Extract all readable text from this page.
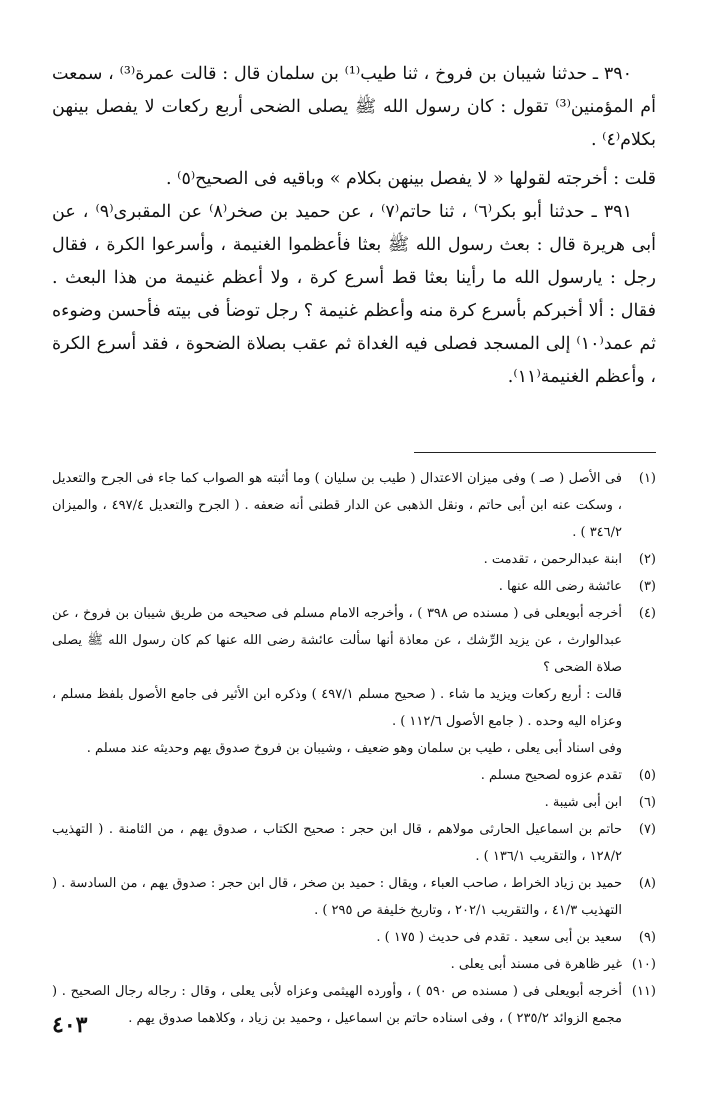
٣٩٠ ـ حدثنا شيبان بن فروخ ، ثنا طيب⁽¹⁾ بن سلمان قال : قالت عمرة⁽³⁾ ، سمعت أم المؤمنين⁽³⁾ تقول : كان رسول الله ﷺ يصلى الضحى أربع ركعات لا يفصل بينهن بكلام⁽٤⁾ .

قلت : أخرجته لقولها « لا يفصل بينهن بكلام » وباقيه فى الصحيح⁽٥⁾ .

٣٩١ ـ حدثنا أبو بكر⁽٦⁾ ، ثنا حاتم⁽٧⁾ ، عن حميد بن صخر⁽٨⁾ عن المقبرى⁽٩⁾ ، عن أبى هريرة قال : بعث رسول الله ﷺ بعثا فأعظموا الغنيمة ، وأسرعوا الكرة ، فقال رجل : يارسول الله ما رأينا بعثا قط أسرع كرة ، ولا أعظم غنيمة من هذا البعث . فقال : ألا أخبركم بأسرع كرة منه وأعظم غنيمة ؟ رجل توضأ فى بيته فأحسن وضوءه ثم عمد⁽١٠⁾ إلى المسجد فصلى فيه الغداة ثم عقب بصلاة الضحوة ، فقد أسرع الكرة ، وأعظم الغنيمة⁽١١⁾.

(١)
فى الأصل ( صـ ) وفى ميزان الاعتدال ( طيب بن سليان ) وما أثبته هو الصواب كما جاء فى الجرح والتعديل ، وسكت عنه ابن أبى حاتم ، ونقل الذهبى عن الدار قطنى أنه ضعفه . ( الجرح والتعديل ٤٩٧/٤ ، والميزان ٣٤٦/٢ ) .
(٢)
ابنة عبدالرحمن ، تقدمت .
(٣)
عائشة رضى الله عنها .
(٤)
أخرجه أبويعلى فى ( مسنده ص ٣٩٨ ) ، وأخرجه الامام مسلم فى صحيحه من طريق شيبان بن فروخ ، عن عبدالوارث ، عن يزيد الرِّشك ، عن معاذة أنها سألت عائشة رضى الله عنها كم كان رسول الله ﷺ يصلى صلاة الضحى ؟
قالت : أربع ركعات ويزيد ما شاء . ( صحيح مسلم ٤٩٧/١ ) وذكره ابن الأثير فى جامع الأصول بلفظ مسلم ، وعزاه اليه وحده . ( جامع الأصول ١١٢/٦ ) .
وفى اسناد أبى يعلى ، طيب بن سلمان وهو ضعيف ، وشيبان بن فروخ صدوق يهم وحديثه عند مسلم .
(٥)
تقدم عزوه لصحيح مسلم .
(٦)
ابن أبى شيبة .
(٧)
حاتم بن اسماعيل الحارثى مولاهم ، قال ابن حجر : صحيح الكتاب ، صدوق يهم ، من الثامنة . ( التهذيب ١٢٨/٢ ، والتقريب ١٣٦/١ ) .
(٨)
حميد بن زياد الخراط ، صاحب العباء ، ويقال : حميد بن صخر ، قال ابن حجر : صدوق يهم ، من السادسة . ( التهذيب ٤١/٣ ، والتقريب ٢٠٢/١ ، وتاريخ خليفة ص ٢٩٥ ) .
(٩)
سعيد بن أبى سعيد . تقدم فى حديث ( ١٧٥ ) .
(١٠)
غير ظاهرة فى مسند أبى يعلى .
(١١)
أخرجه أبويعلى فى ( مسنده ص ٥٩٠ ) ، وأورده الهيثمى وعزاه لأبى يعلى ، وقال : رجاله رجال الصحيح . ( مجمع الزوائد ٢٣٥/٢ ) ، وفى اسناده حاتم بن اسماعيل ، وحميد بن زياد ، وكلاهما صدوق يهم .
٤٠٣
